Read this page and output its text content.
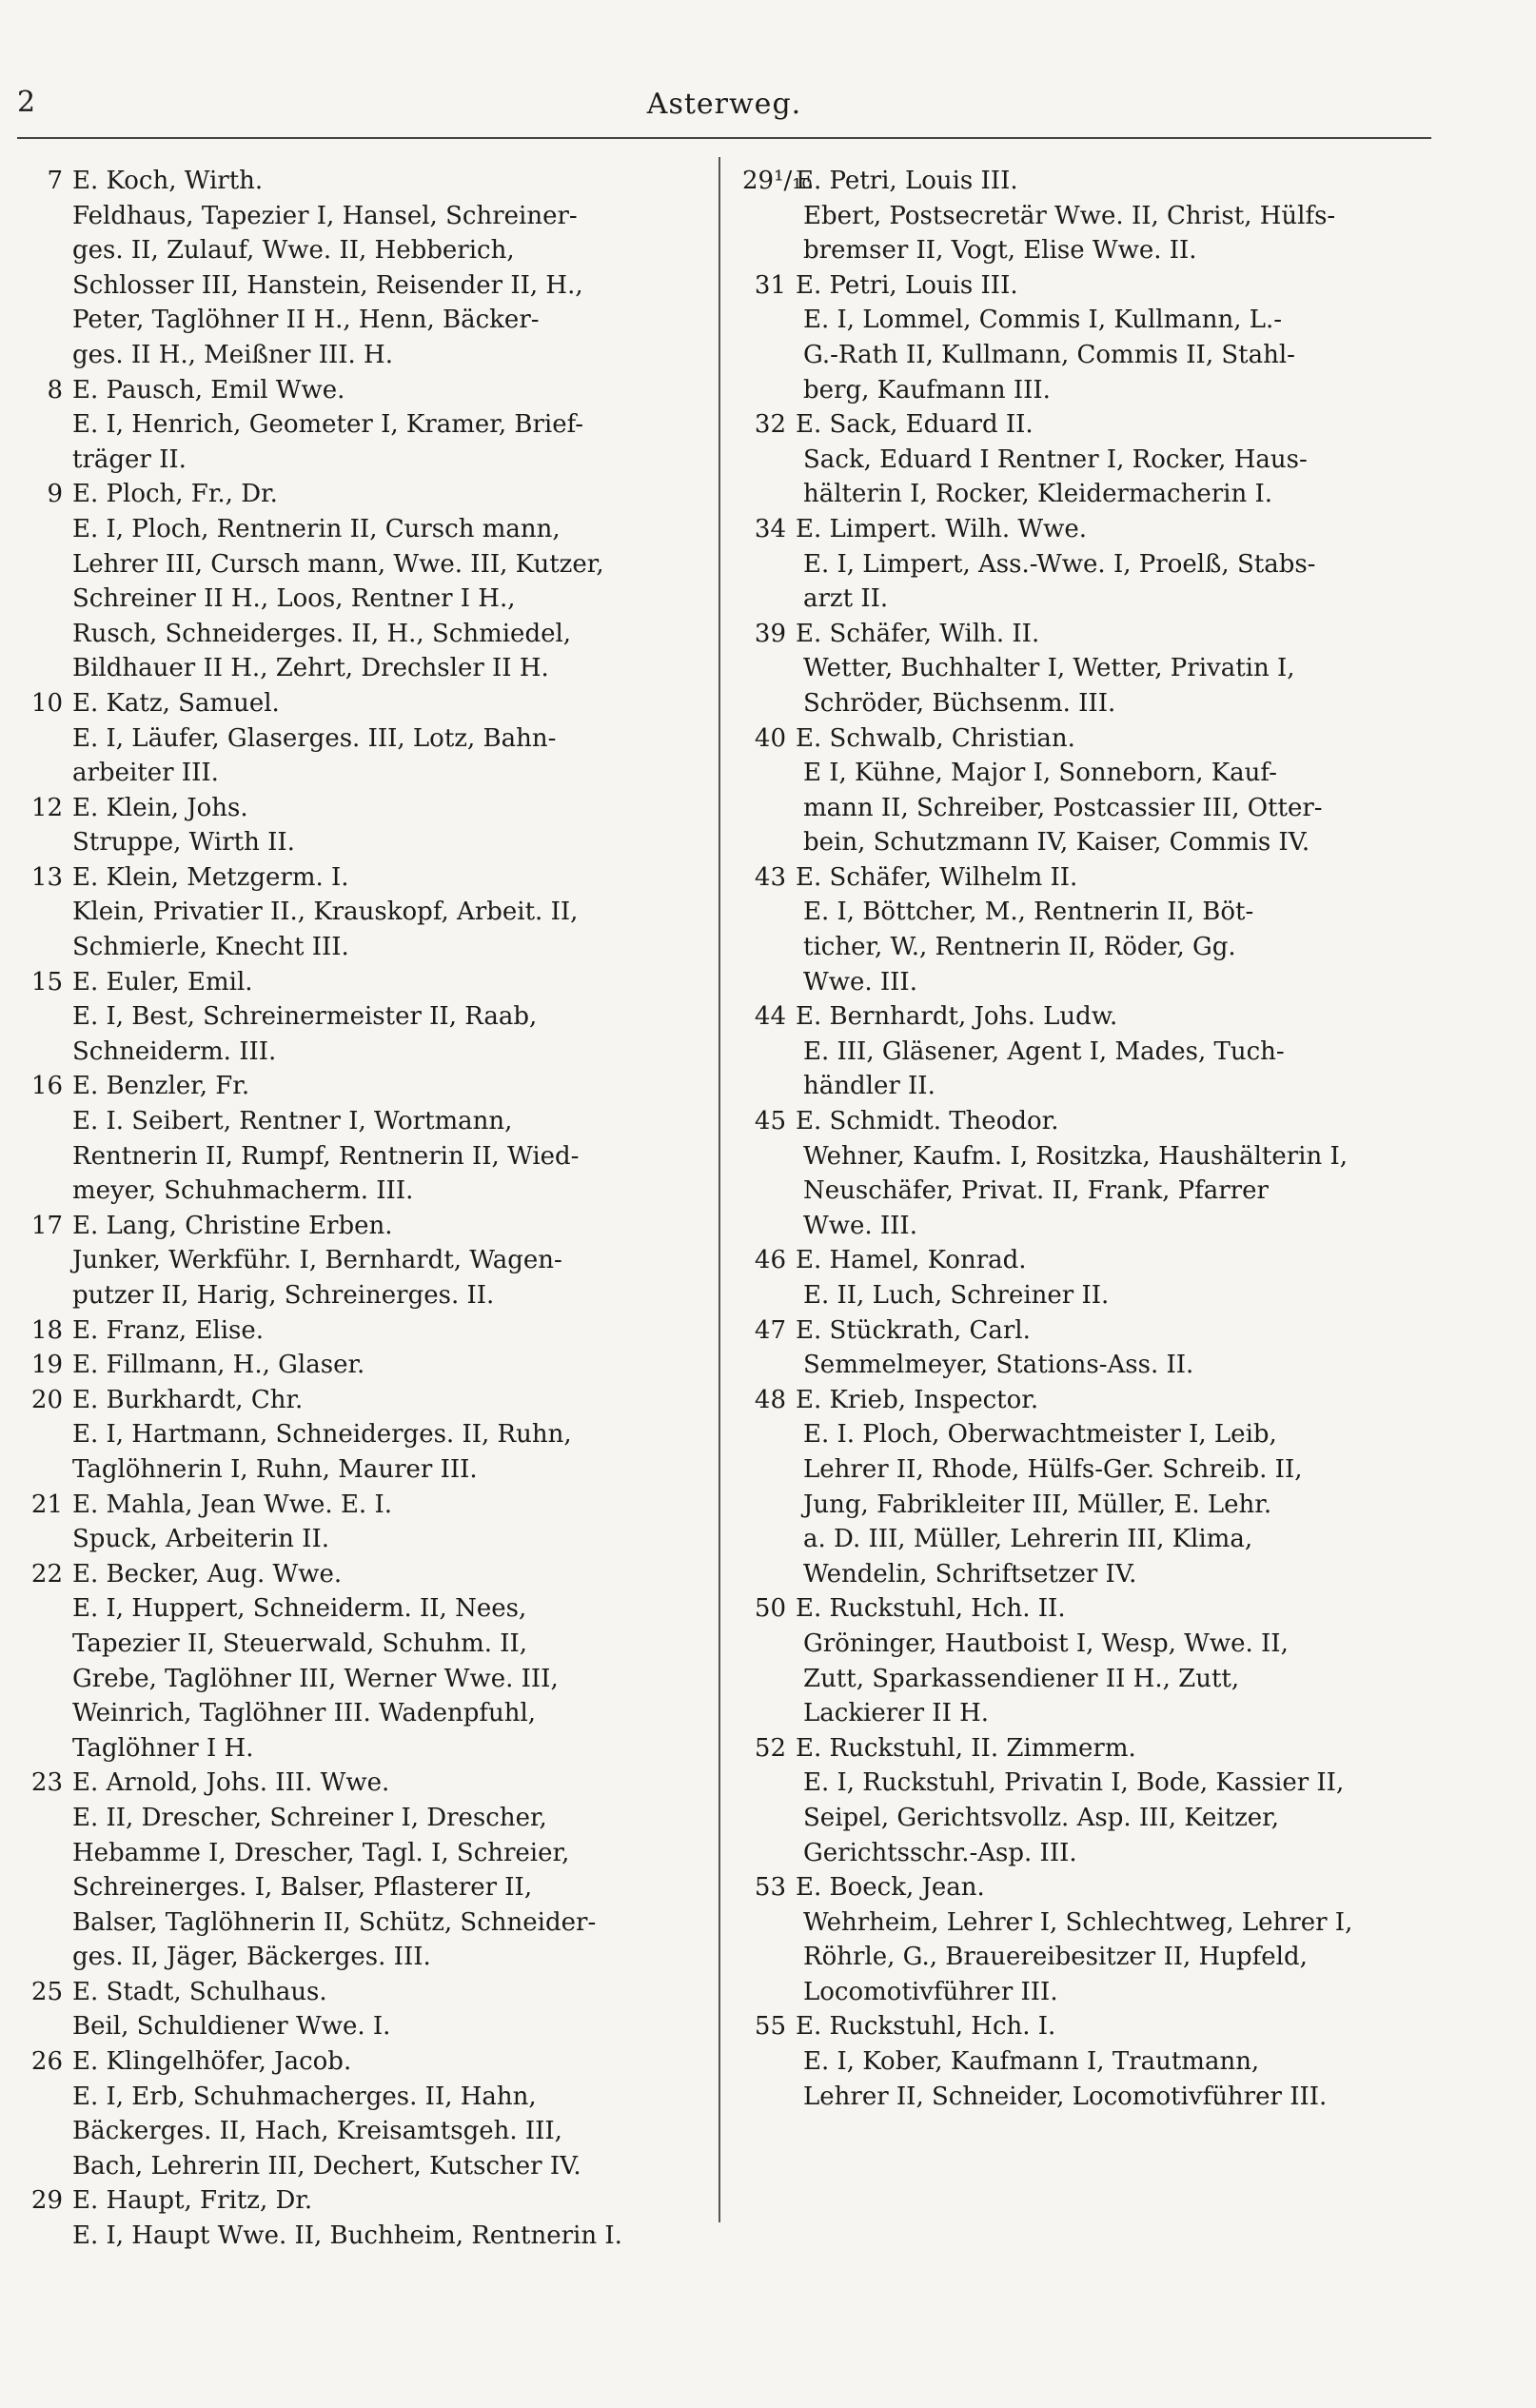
2	Asterweg.
7 E. Koch, Wirth.
Feldhaus, Tapezier I, Hansel, Schreiner-
ges. II, Zulauf, Wwe. II, Hebberich,
Schlosser III, Hanstein, Reisender II, H.,
Peter, Taglöhner II H., Henn, Bäcker-
ges. II H., Meißner III. H.
8 E. Pausch, Emil Wwe.
E. I, Henrich, Geometer I, Kramer, Brief-
träger II.
9 E. Ploch, Fr., Dr.
E. I, Ploch, Rentnerin II, Cursch mann,
Lehrer III, Cursch mann, Wwe. III, Kutzer,
Schreiner II H., Loos, Rentner I H.,
Rusch, Schneiderges. II, H., Schmiedel,
Bildhauer II H., Zehrt, Drechsler II H.
10 E. Katz, Samuel.
E. I, Läufer, Glaserges. III, Lotz, Bahn-
arbeiter III.
12 E. Klein, Johs.
Struppe, Wirth II.
13 E. Klein, Metzgerm. I.
Klein, Privatier II., Krauskopf, Arbeit. II,
Schmierle, Knecht III.
15 E. Euler, Emil.
E. I, Best, Schreinermeister II, Raab,
Schneiderm. III.
16 E. Benzler, Fr.
E. I. Seibert, Rentner I, Wortmann,
Rentnerin II, Rumpf, Rentnerin II, Wied-
meyer, Schuhmacherm. III.
17 E. Lang, Christine Erben.
Junker, Werkführ. I, Bernhardt, Wagen-
putzer II, Harig, Schreinerges. II.
18 E. Franz, Elise.
19 E. Fillmann, H., Glaser.
20 E. Burkhardt, Chr.
E. I, Hartmann, Schneiderges. II, Ruhn,
Taglöhnerin I, Ruhn, Maurer III.
21 E. Mahla, Jean Wwe. E. I.
Spuck, Arbeiterin II.
22 E. Becker, Aug. Wwe.
E. I, Huppert, Schneiderm. II, Nees,
Tapezier II, Steuerwald, Schuhm. II,
Grebe, Taglöhner III, Werner Wwe. III,
Weinrich, Taglöhner III. Wadenpfuhl,
Taglöhner I H.
23 E. Arnold, Johs. III. Wwe.
E. II, Drescher, Schreiner I, Drescher,
Hebamme I, Drescher, Tagl. I, Schreier,
Schreinerges. I, Balser, Pflasterer II,
Balser, Taglöhnerin II, Schütz, Schneider-
ges. II, Jäger, Bäckerges. III.
25 E. Stadt, Schulhaus.
Beil, Schuldiener Wwe. I.
26 E. Klingelhöfer, Jacob.
E. I, Erb, Schuhmacherges. II, Hahn,
Bäckerges. II, Hach, Kreisamtsgeh. III,
Bach, Lehrerin III, Dechert, Kutscher IV.
29 E. Haupt, Fritz, Dr.
E. I, Haupt Wwe. II, Buchheim, Rentnerin I.
29¹/₁₀E. Petri, Louis III.
Ebert, Postsecretär Wwe. II, Christ, Hülfs-
bremser II, Vogt, Elise Wwe. II.
31 E. Petri, Louis III.
E. I, Lommel, Commis I, Kullmann, L.-
G.-Rath II, Kullmann, Commis II, Stahl-
berg, Kaufmann III.
32 E. Sack, Eduard II.
Sack, Eduard I Rentner I, Rocker, Haus-
hälterin I, Rocker, Kleidermacherin I.
34 E. Limpert. Wilh. Wwe.
E. I, Limpert, Ass.-Wwe. I, Proelß, Stabs-
arzt II.
39 E. Schäfer, Wilh. II.
Wetter, Buchhalter I, Wetter, Privatin I,
Schröder, Büchsenm. III.
40 E. Schwalb, Christian.
E I, Kühne, Major I, Sonneborn, Kauf-
mann II, Schreiber, Postcassier III, Otter-
bein, Schutzmann IV, Kaiser, Commis IV.
43 E. Schäfer, Wilhelm II.
E. I, Böttcher, M., Rentnerin II, Böt-
ticher, W., Rentnerin II, Röder, Gg.
Wwe. III.
44 E. Bernhardt, Johs. Ludw.
E. III, Gläsener, Agent I, Mades, Tuch-
händler II.
45 E. Schmidt. Theodor.
Wehner, Kaufm. I, Rositzka, Haushälterin I,
Neuschäfer, Privat. II, Frank, Pfarrer
Wwe. III.
46 E. Hamel, Konrad.
E. II, Luch, Schreiner II.
47 E. Stückrath, Carl.
Semmelmeyer, Stations-Ass. II.
48 E. Krieb, Inspector.
E. I. Ploch, Oberwachtmeister I, Leib,
Lehrer II, Rhode, Hülfs-Ger. Schreib. II,
Jung, Fabrikleiter III, Müller, E. Lehr.
a. D. III, Müller, Lehrerin III, Klima,
Wendelin, Schriftsetzer IV.
50 E. Ruckstuhl, Hch. II.
Gröninger, Hautboist I, Wesp, Wwe. II,
Zutt, Sparkassendiener II H., Zutt,
Lackierer II H.
52 E. Ruckstuhl, II. Zimmerm.
E. I, Ruckstuhl, Privatin I, Bode, Kassier II,
Seipel, Gerichtsvollz. Asp. III, Keitzer,
Gerichtsschr.-Asp. III.
53 E. Boeck, Jean.
Wehrheim, Lehrer I, Schlechtweg, Lehrer I,
Röhrle, G., Brauereibesitzer II, Hupfeld,
Locomotivführer III.
55 E. Ruckstuhl, Hch. I.
E. I, Kober, Kaufmann I, Trautmann,
Lehrer II, Schneider, Locomotivführer III.
